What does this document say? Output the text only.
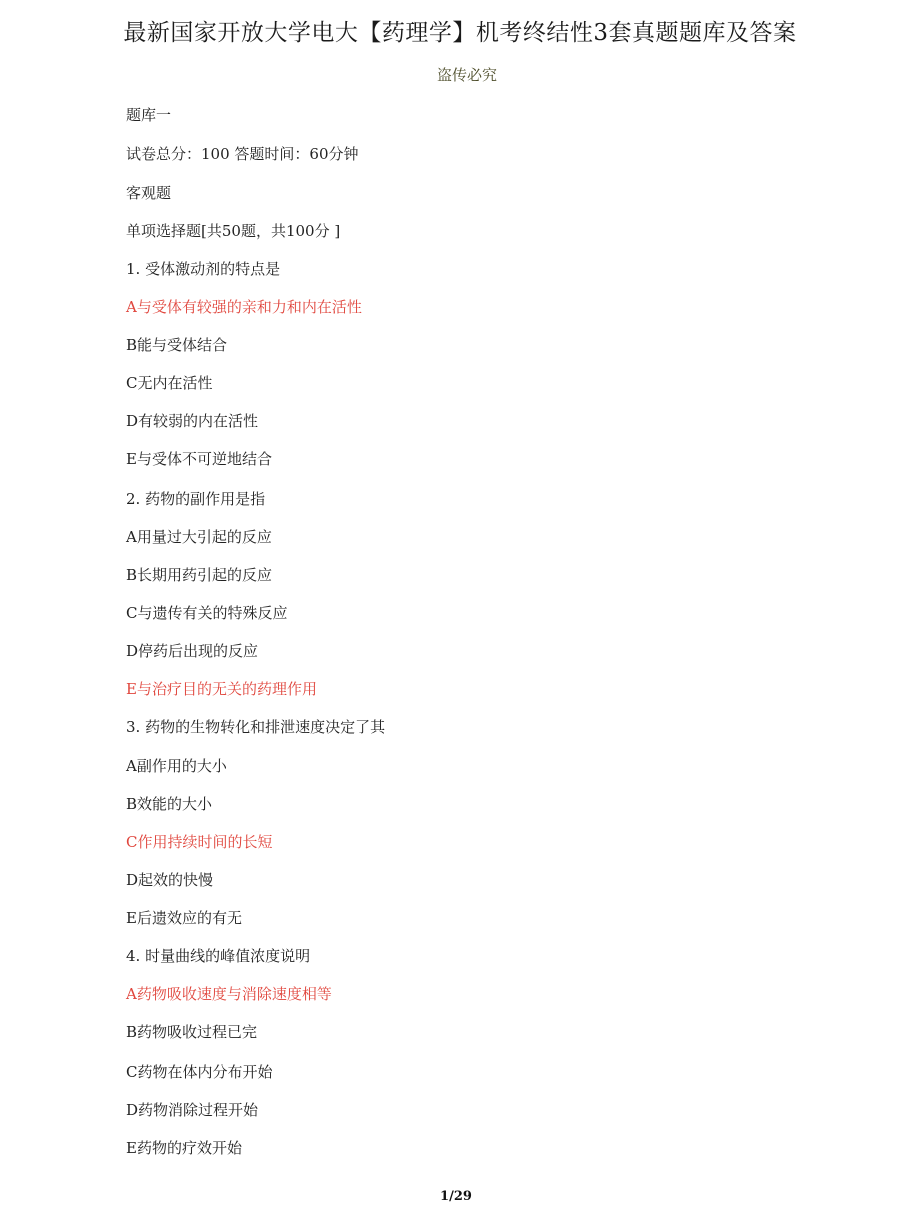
最新国家开放大学电大【药理学】机考终结性3套真题题库及答案
盗传必究
题库一
试卷总分：100 答题时间：60分钟
客观题
单项选择题[共50题，共100分 ]
1. 受体激动剂的特点是
A与受体有较强的亲和力和内在活性
B能与受体结合
C无内在活性
D有较弱的内在活性
E与受体不可逆地结合
2. 药物的副作用是指
A用量过大引起的反应
B长期用药引起的反应
C与遗传有关的特殊反应
D停药后出现的反应
E与治疗目的无关的药理作用
3. 药物的生物转化和排泄速度决定了其
A副作用的大小
B效能的大小
C作用持续时间的长短
D起效的快慢
E后遗效应的有无
4. 时量曲线的峰值浓度说明
A药物吸收速度与消除速度相等
B药物吸收过程已完
C药物在体内分布开始
D药物消除过程开始
E药物的疗效开始
1/29
